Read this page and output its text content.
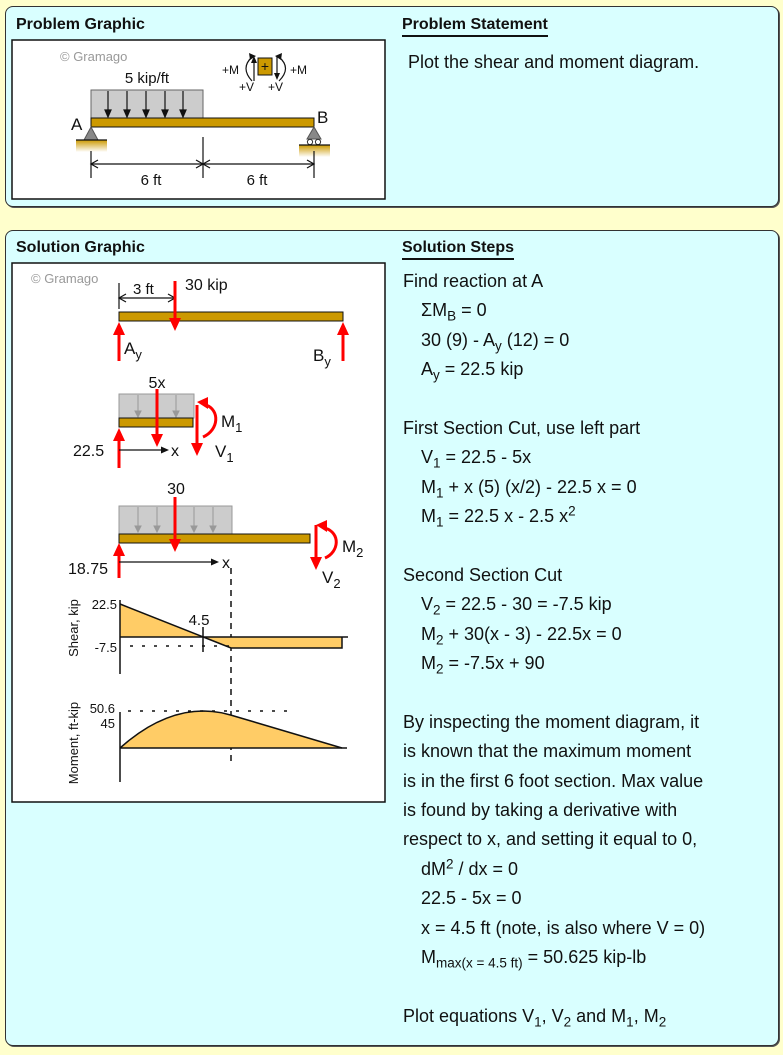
Problem Graphic	Problem Statement
Plot the shear and moment diagram.
© Gramago
5 kip/ft
A	B
6 ft	6 ft
+M + +M
+V +V
Solution Graphic	Solution Steps
© Gramago
3 ft 30 kip
$A_y$	$B_y$
5x
22.5	x
$M_1$
$V_1$
30
18.75	x
$M_2$
$V_2$
Shear, kip 22.5
-7.5
4.5
Moment, ft-kip 50.6
45
Find reaction at A
$\Sigma M_B = 0$
30 $(9) - A_y$ (12) = 0
$A_y = 22.5$ kip

First Section Cut, use left part
$V_1 = 22.5 - 5x$
$M_1 + x$ (5) (x/2) - 22.5 x = 0
$M_1 = 22.5$ x - 2.5 $x^2$

Second Section Cut
$V_2 = 22.5 - 30 = -7.5$ kip
$M_2 + 30(x - 3) - 22.5x = 0$
$M_2 = -7.5x + 90$

By inspecting the moment diagram, it
is known that the maximum moment
is in the first 6 foot section. Max value
is found by taking a derivative with
respect to x, and setting it equal to 0,
$dM^2$ / dx = 0
22.5 - 5x = 0
x = 4.5 ft (note, is also where V = 0)
$M_{max(x = 4.5 ft)} = 50.625$ kip-lb

Plot equations $V_1$, $V_2$ and $M_1$, $M_2$
